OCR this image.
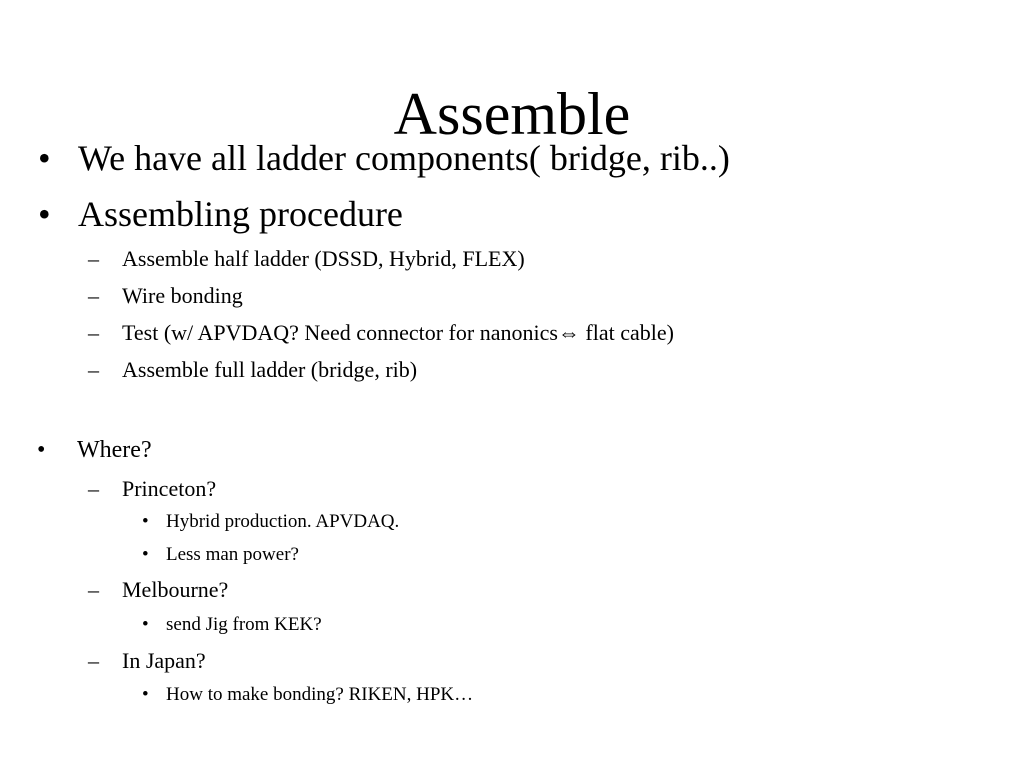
Assemble
• We have all ladder components( bridge, rib..)
• Assembling procedure
– Assemble half ladder (DSSD, Hybrid, FLEX)
– Wire bonding
– Test (w/ APVDAQ? Need connector for nanonics⇔ flat cable)
– Assemble full ladder (bridge, rib)
• Where?
– Princeton?
• Hybrid production. APVDAQ.
• Less man power?
– Melbourne?
• send Jig from KEK?
– In Japan?
• How to make bonding? RIKEN, HPK…
